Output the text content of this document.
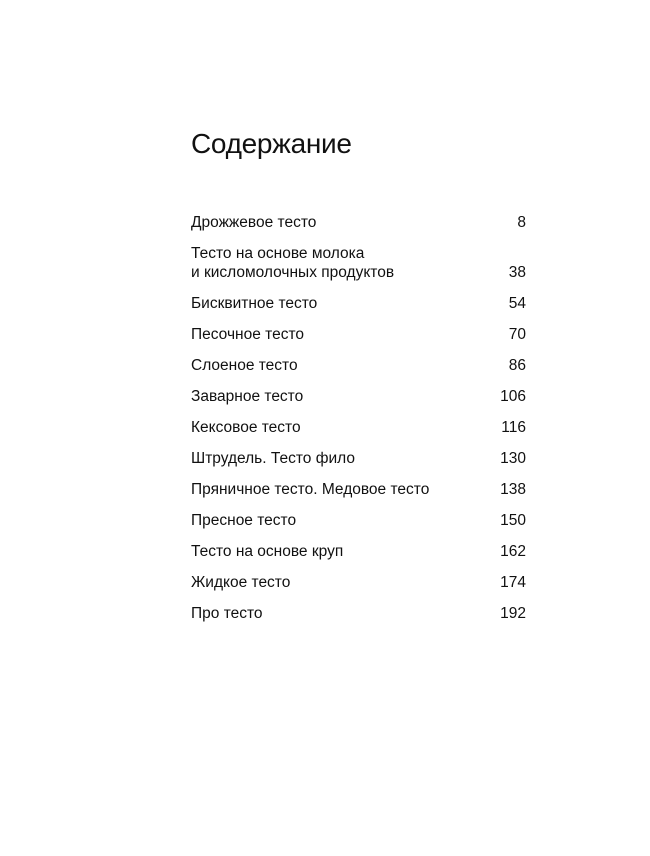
Содержание
Дрожжевое тесто	8
Тесто на основе молока
и кисломолочных продуктов	38
Бисквитное тесто	54
Песочное тесто	70
Слоеное тесто	86
Заварное тесто	106
Кексовое тесто	116
Штрудель. Тесто фило	130
Пряничное тесто. Медовое тесто	138
Пресное тесто	150
Тесто на основе круп	162
Жидкое тесто	174
Про тесто	192
